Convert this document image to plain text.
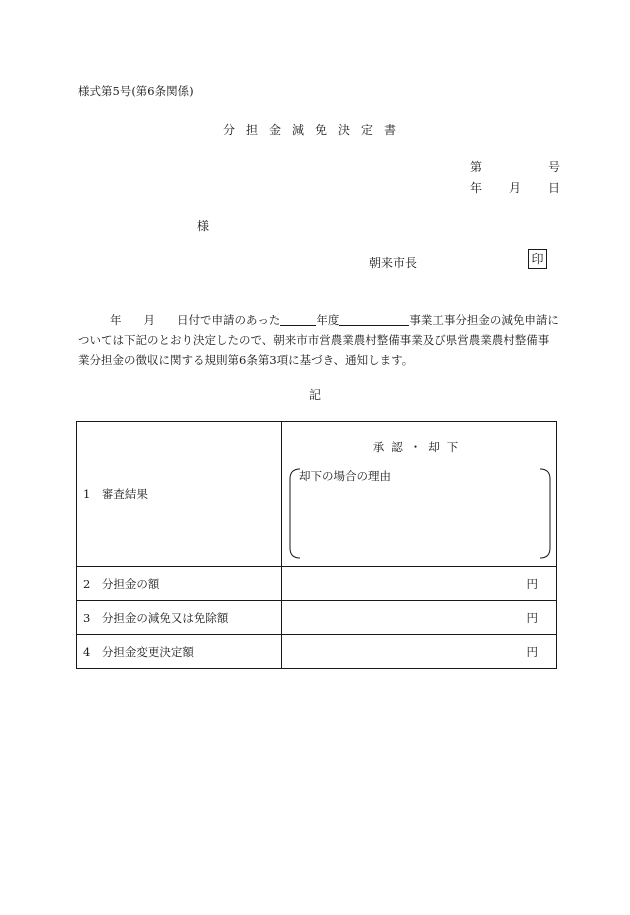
様式第5号(第6条関係)
分担金減免決定書
第	号
年 月 日
様
朝来市長	印
年 月 日付で申請のあった	年度	事業工事分担金の減免申請については下記のとおり決定したので、朝来市市営農業農村整備事業及び県営農業農村整備事業分担金の徴収に関する規則第6条第3項に基づき、通知します。
記
1　審査結果	承認・却下
却下の場合の理由

2　分担金の額	円
3　分担金の減免又は免除額	円
4　分担金変更決定額	円
